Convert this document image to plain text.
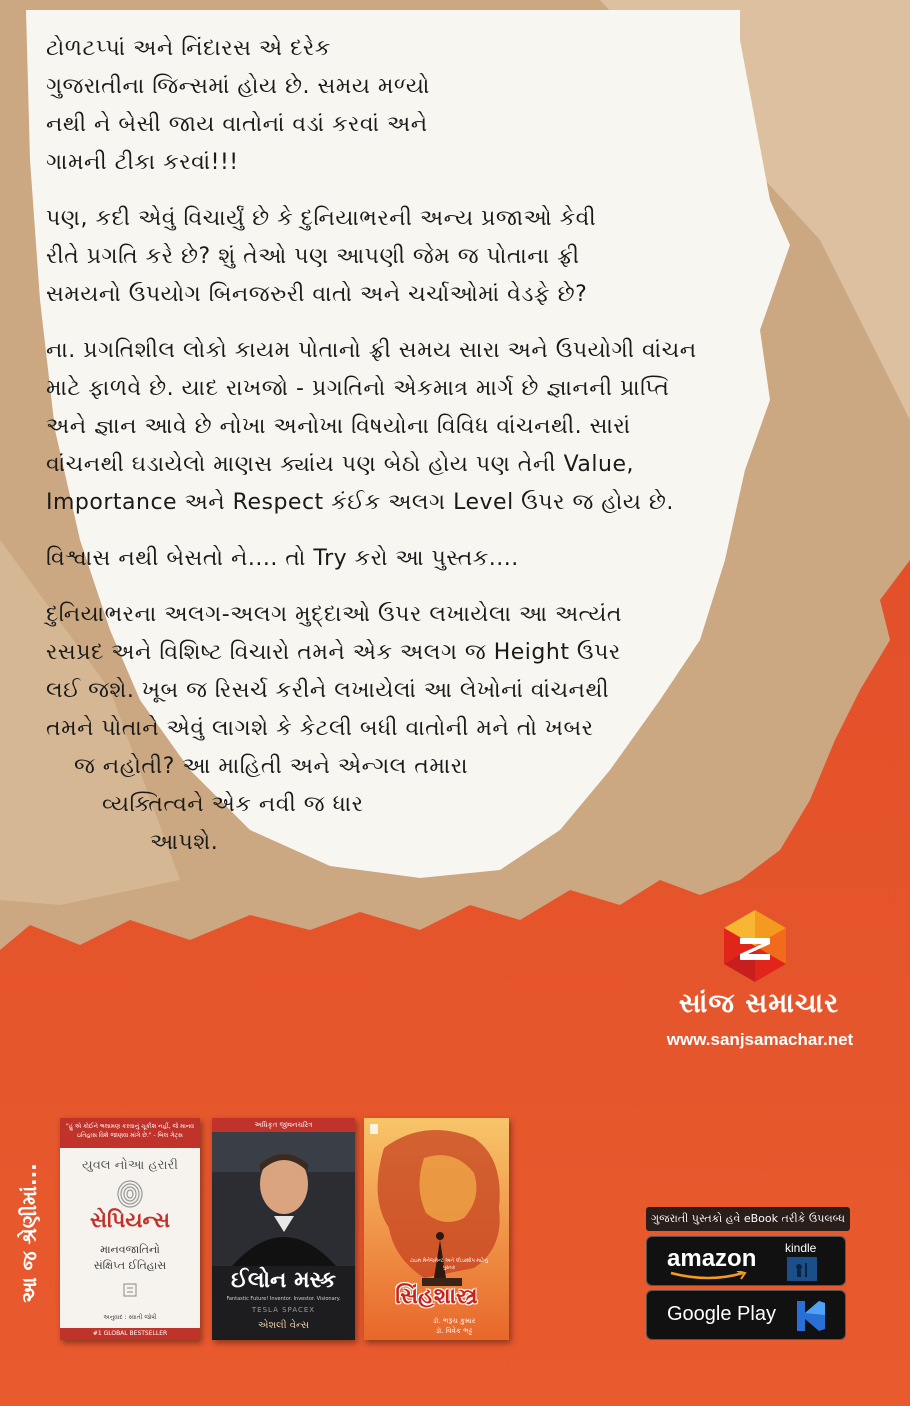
ટોળટપ્પાં અને નિંદારસ એ દરેક
ગુજરાતીના જિન્સમાં હોય છે. સમય મળ્યો
નથી ને બેસી જાય વાતોનાં વડાં કરવાં અને
ગામની ટીકા કરવાં!!!

પણ, કદી એવું વિચાર્યું છે કે દુનિયાભરની અન્ય પ્રજાઓ કેવી
રીતે પ્રગતિ કરે છે? શું તેઓ પણ આપણી જેમ જ પોતાના ફ્રી
સમયનો ઉપયોગ બિનજરુરી વાતો અને ચર્ચાઓમાં વેડફે છે?

ના. પ્રગતિશીલ લોકો કાયમ પોતાનો ફ્રી સમય સારા અને ઉપયોગી વાંચન
માટે ફાળવે છે. યાદ રાખજો - પ્રગતિનો એકમાત્ર માર્ગ છે જ્ઞાનની પ્રાપ્તિ
અને જ્ઞાન આવે છે નોખા અનોખા વિષયોના વિવિધ વાંચનથી. સારાં
વાંચનથી ઘડાયેલો માણસ ક્યાંય પણ બેઠો હોય પણ તેની Value,
Importance અને Respect કંઈક અલગ Level ઉપર જ હોય છે.

વિશ્વાસ નથી બેસતો ને.... તો Try કરો આ પુસ્તક....

દુનિયાભરના અલગ-અલગ મુદ્દાઓ ઉપર લખાયેલા આ અત્યંત
રસપ્રદ અને વિશિષ્ટ વિચારો તમને એક અલગ જ Height ઉપર
લઈ જશે. ખૂબ જ રિસર્ચ કરીને લખાયેલાં આ લેખોનાં વાંચનથી
તમને પોતાને એવું લાગશે કે કેટલી બધી વાતોની મને તો ખબર
જ નહોતી? આ માહિતી અને એન્ગલ તમારા
વ્યક્તિત્વને એક નવી જ ધાર
આપશે.

સાંજ સમાચાર
www.sanjsamachar.net
આ જ શ્રેણીમાં...
"હું એ કોઈને ભલામણ કરવાનું ચૂકીશ નહીં, જે માનવ ઇતિહાસ વિશે જાણવા માંગે છે." - બિલ ગેટ્સ
યુવલ નોઆ હરારી
સેપિયન્સ
માનવજાતિનો
સંક્ષિપ્ત ઈતિહાસ
અનુવાદ : સ્વાતી જોષી
#1 GLOBAL BESTSELLER
અધિકૃત જીવનચરિત્ર
ઈલોન મસ્ક
Fantastic Future! Inventor. Investor. Visionary.
TESLA SPACEX
એશલી વેન્સ
ટાઇમ મેનેજમેન્ટ અને લીડરશીપ માટેનું પુસ્તક
સિંહશાસ્ત્ર
ડૉ. ભરૂચ કુમાર
ડૉ. વિવેક ભટ્ટ
ગુજરાતી પુસ્તકો હવે eBook તરીકે ઉપલબ્ધ
amazon kindle
Google Play
